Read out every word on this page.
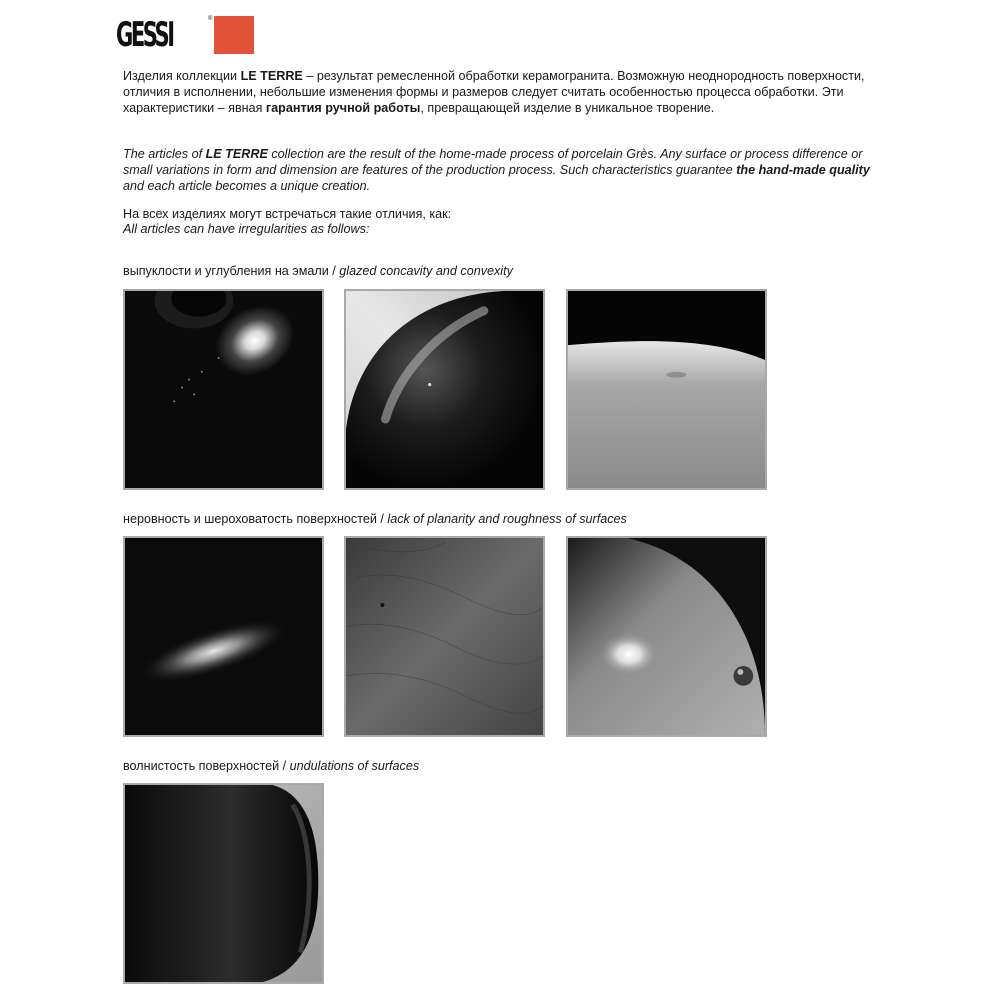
GESSI	®

Изделия коллекции LE TERRE – результат ремесленной обработки керамогранита. Возможную неоднородность поверхности, отличия в исполнении, небольшие изменения формы и размеров следует считать особенностью процесса обработки. Эти характеристики – явная гарантия ручной работы, превращающей изделие в уникальное творение.

The articles of LE TERRE collection are the result of the home-made process of porcelain Grès. Any surface or process difference or small variations in form and dimension are features of the production process. Such characteristics guarantee the hand-made quality and each article becomes a unique creation.

На всех изделиях могут встречаться такие отличия, как:

All articles can have irregularities as follows:

выпуклости и углубления на эмали / glazed concavity and convexity
неровность и шероховатость поверхностей / lack of planarity and roughness of surfaces
волнистость поверхностей / undulations of surfaces
